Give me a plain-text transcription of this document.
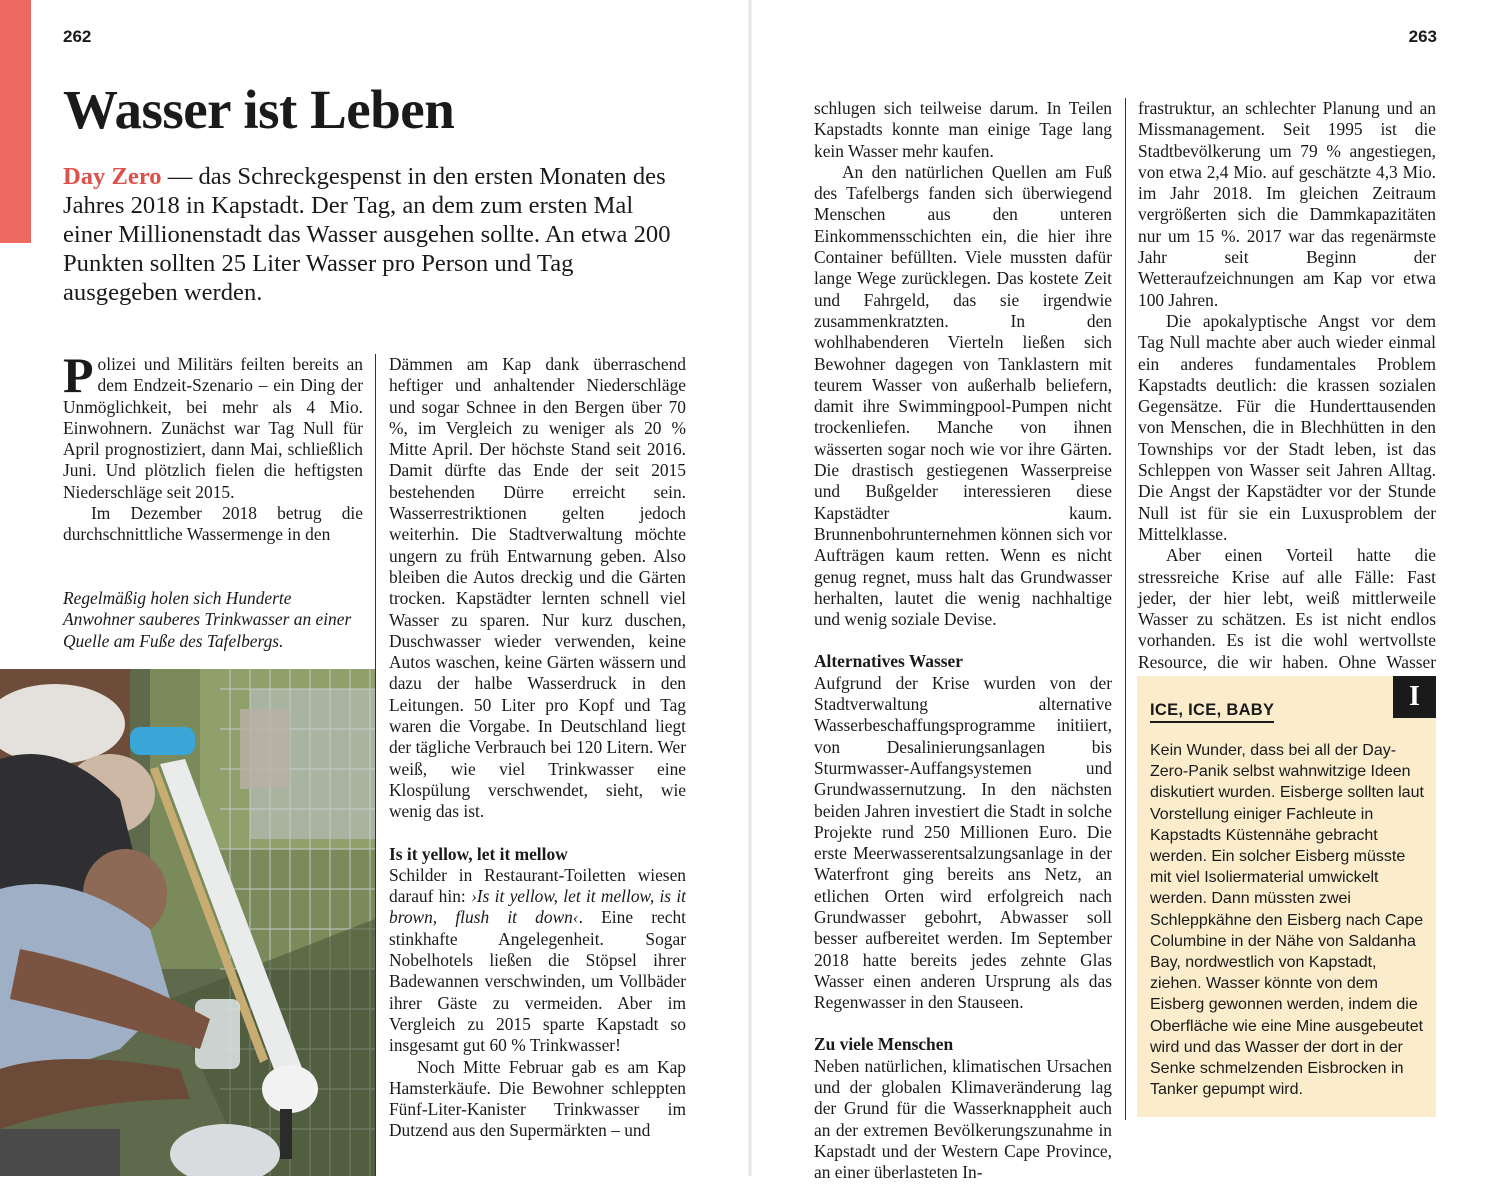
262	263
Wasser ist Leben
Day Zero — das Schreckgespenst in den ersten Monaten des Jahres 2018 in Kapstadt. Der Tag, an dem zum ersten Mal einer Millionenstadt das Wasser ausgehen sollte. An etwa 200 Punkten sollten 25 Liter Wasser pro Person und Tag ausgegeben werden.

Polizei und Militärs feilten bereits an dem Endzeit-Szenario – ein Ding der Unmöglichkeit, bei mehr als 4 Mio. Einwohnern. Zunächst war Tag Null für April prognostiziert, dann Mai, schließlich Juni. Und plötzlich fielen die heftigsten Niederschläge seit 2015.

Im Dezember 2018 betrug die durchschnittliche Wassermenge in den

Regelmäßig holen sich Hunderte Anwohner sauberes Trinkwasser an einer Quelle am Fuße des Tafelbergs.

Dämmen am Kap dank überraschend heftiger und anhaltender Niederschläge und sogar Schnee in den Bergen über 70 %, im Vergleich zu weniger als 20 % Mitte April. Der höchste Stand seit 2016. Damit dürfte das Ende der seit 2015 bestehenden Dürre erreicht sein. Wasserrestriktionen gelten jedoch weiterhin. Die Stadtverwaltung möchte ungern zu früh Entwarnung geben. Also bleiben die Autos dreckig und die Gärten trocken. Kapstädter lernten schnell viel Wasser zu sparen. Nur kurz duschen, Duschwasser wieder verwenden, keine Autos waschen, keine Gärten wässern und dazu der halbe Wasserdruck in den Leitungen. 50 Liter pro Kopf und Tag waren die Vorgabe. In Deutschland liegt der tägliche Verbrauch bei 120 Litern. Wer weiß, wie viel Trinkwasser eine Klospülung verschwendet, sieht, wie wenig das ist.

Is it yellow, let it mellow

Schilder in Restaurant-Toiletten wiesen darauf hin: ›Is it yellow, let it mellow, is it brown, flush it down‹. Eine recht stinkhafte Angelegenheit. Sogar Nobelhotels ließen die Stöpsel ihrer Badewannen verschwinden, um Vollbäder ihrer Gäste zu vermeiden. Aber im Vergleich zu 2015 sparte Kapstadt so insgesamt gut 60 % Trinkwasser!

Noch Mitte Februar gab es am Kap Hamsterkäufe. Die Bewohner schleppten Fünf-Liter-Kanister Trinkwasser im Dutzend aus den Supermärkten – und

schlugen sich teilweise darum. In Teilen Kapstadts konnte man einige Tage lang kein Wasser mehr kaufen.

An den natürlichen Quellen am Fuß des Tafelbergs fanden sich überwiegend Menschen aus den unteren Einkommensschichten ein, die hier ihre Container befüllten. Viele mussten dafür lange Wege zurücklegen. Das kostete Zeit und Fahrgeld, das sie irgendwie zusammenkratzten. In den wohlhabenderen Vierteln ließen sich Bewohner dagegen von Tanklastern mit teurem Wasser von außerhalb beliefern, damit ihre Swimmingpool-Pumpen nicht trockenliefen. Manche von ihnen wässerten sogar noch wie vor ihre Gärten. Die drastisch gestiegenen Wasserpreise und Bußgelder interessieren diese Kapstädter kaum. Brunnenbohrunternehmen können sich vor Aufträgen kaum retten. Wenn es nicht genug regnet, muss halt das Grundwasser herhalten, lautet die wenig nachhaltige und wenig soziale Devise.

Alternatives Wasser

Aufgrund der Krise wurden von der Stadtverwaltung alternative Wasserbeschaffungsprogramme initiiert, von Desalinierungsanlagen bis Sturmwasser-Auffangsystemen und Grundwassernutzung. In den nächsten beiden Jahren investiert die Stadt in solche Projekte rund 250 Millionen Euro. Die erste Meerwasserentsalzungsanlage in der Waterfront ging bereits ans Netz, an etlichen Orten wird erfolgreich nach Grundwasser gebohrt, Abwasser soll besser aufbereitet werden. Im September 2018 hatte bereits jedes zehnte Glas Wasser einen anderen Ursprung als das Regenwasser in den Stauseen.

Zu viele Menschen

Neben natürlichen, klimatischen Ursachen und der globalen Klimaveränderung lag der Grund für die Wasserknappheit auch an der extremen Bevölkerungszunahme in Kapstadt und der Western Cape Province, an einer überlasteten In-

frastruktur, an schlechter Planung und an Missmanagement. Seit 1995 ist die Stadtbevölkerung um 79 % angestiegen, von etwa 2,4 Mio. auf geschätzte 4,3 Mio. im Jahr 2018. Im gleichen Zeitraum vergrößerten sich die Dammkapazitäten nur um 15 %. 2017 war das regenärmste Jahr seit Beginn der Wetteraufzeichnungen am Kap vor etwa 100 Jahren.

Die apokalyptische Angst vor dem Tag Null machte aber auch wieder einmal ein anderes fundamentales Problem Kapstadts deutlich: die krassen sozialen Gegensätze. Für die Hunderttausenden von Menschen, die in Blechhütten in den Townships vor der Stadt leben, ist das Schleppen von Wasser seit Jahren Alltag. Die Angst der Kapstädter vor der Stunde Null ist für sie ein Luxusproblem der Mittelklasse.

Aber einen Vorteil hatte die stressreiche Krise auf alle Fälle: Fast jeder, der hier lebt, weiß mittlerweile Wasser zu schätzen. Es ist nicht endlos vorhanden. Es ist die wohl wertvollste Resource, die wir haben. Ohne Wasser

I
ICE, ICE, BABY
Kein Wunder, dass bei all der Day-Zero-Panik selbst wahnwitzige Ideen diskutiert wurden. Eisberge sollten laut Vorstellung einiger Fachleute in Kapstadts Küstennähe gebracht werden. Ein solcher Eisberg müsste mit viel Isoliermaterial umwickelt werden. Dann müssten zwei Schleppkähne den Eisberg nach Cape Columbine in der Nähe von Saldanha Bay, nordwestlich von Kapstadt, ziehen. Wasser könnte von dem Eisberg gewonnen werden, indem die Oberfläche wie eine Mine ausgebeutet wird und das Wasser der dort in der Senke schmelzenden Eisbrocken in Tanker gepumpt wird.
